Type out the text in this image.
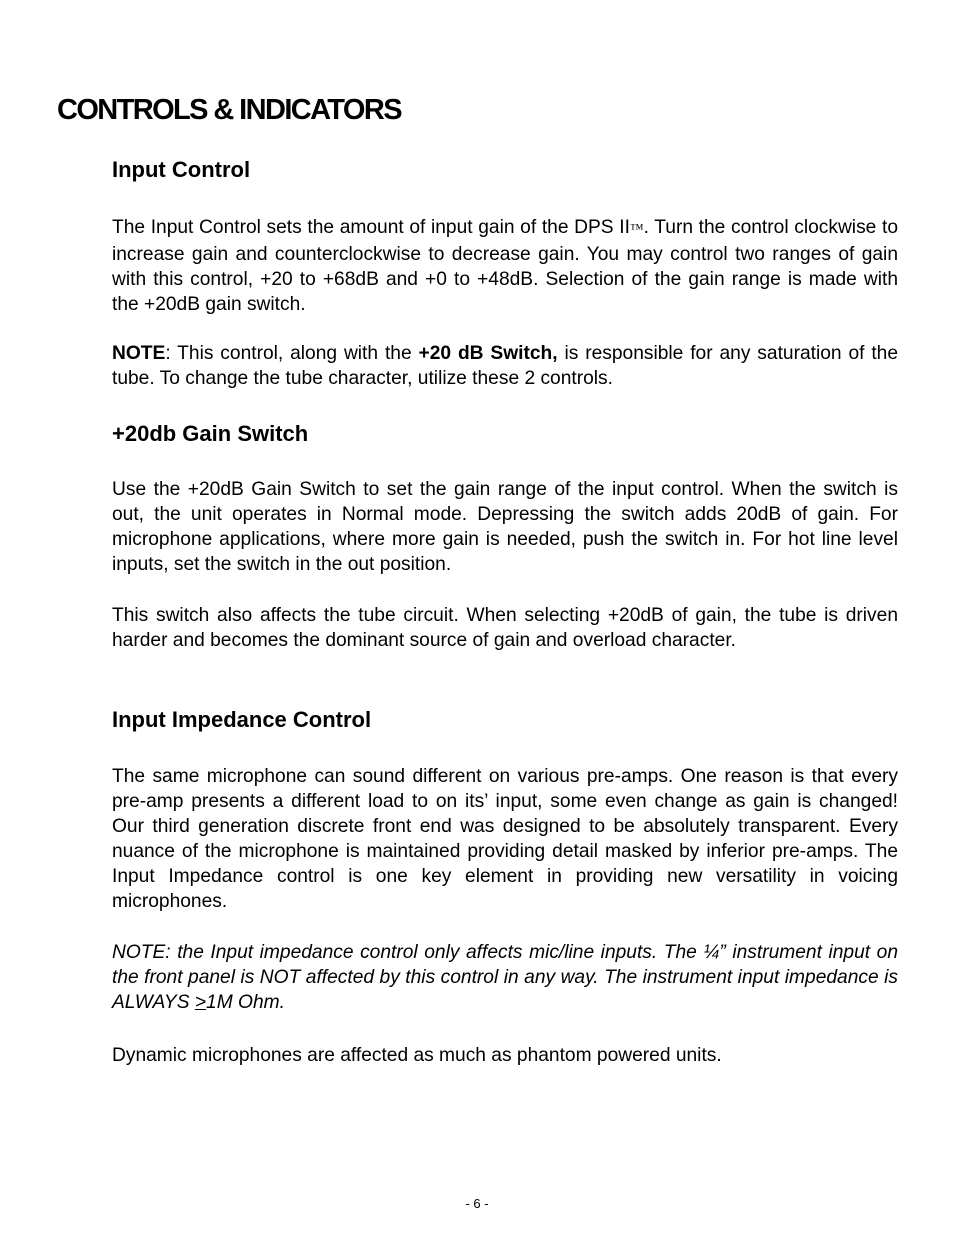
CONTROLS & INDICATORS
Input Control

The Input Control sets the amount of input gain of the DPS II™. Turn the control clockwise to increase gain and counterclockwise to decrease gain. You may control two ranges of gain with this control, +20 to +68dB and +0 to +48dB. Selection of the gain range is made with the +20dB gain switch.

NOTE: This control, along with the +20 dB Switch, is responsible for any saturation of the tube. To change the tube character, utilize these 2 controls.

+20db Gain Switch

Use the +20dB Gain Switch to set the gain range of the input control. When the switch is out, the unit operates in Normal mode. Depressing the switch adds 20dB of gain. For microphone applications, where more gain is needed, push the switch in. For hot line level inputs, set the switch in the out position.

This switch also affects the tube circuit. When selecting +20dB of gain, the tube is driven harder and becomes the dominant source of gain and overload character.

Input Impedance Control

The same microphone can sound different on various pre-amps. One reason is that every pre-amp presents a different load to on its’ input, some even change as gain is changed! Our third generation discrete front end was designed to be absolutely transparent. Every nuance of the microphone is maintained providing detail masked by inferior pre-amps. The Input Impedance control is one key element in providing new versatility in voicing microphones.

NOTE: the Input impedance control only affects mic/line inputs. The ¼” instrument input on the front panel is NOT affected by this control in any way. The instrument input impedance is ALWAYS ≥1M Ohm.

Dynamic microphones are affected as much as phantom powered units.

- 6 -
